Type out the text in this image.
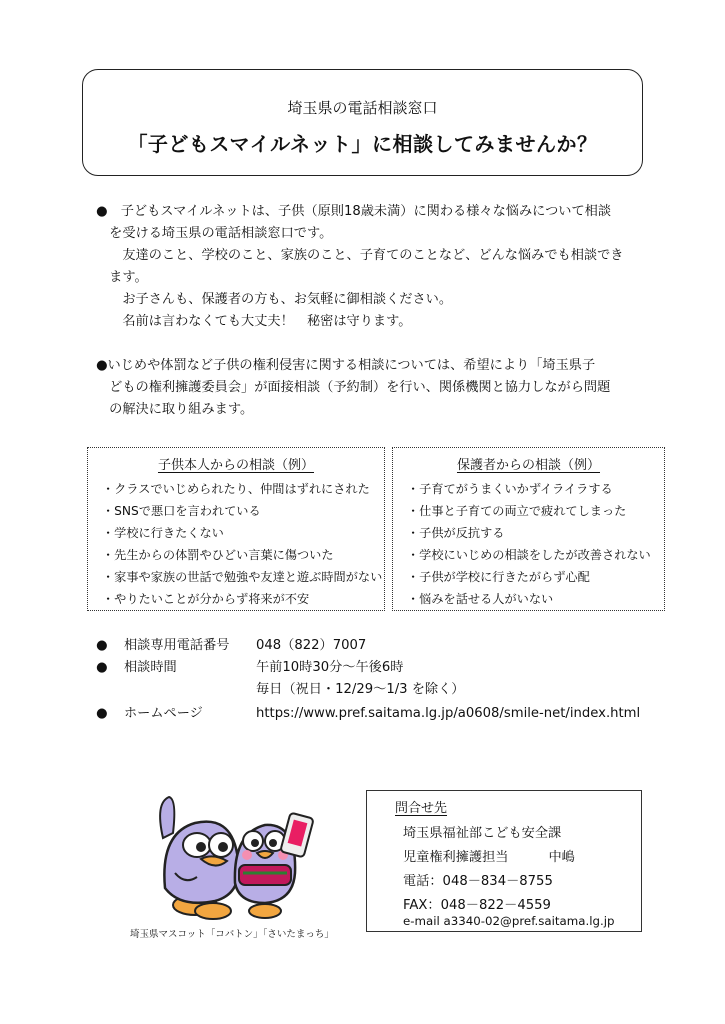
埼玉県の電話相談窓口
「子どもスマイルネット」に相談してみませんか？
●　子どもスマイルネットは、子供（原則18歳未満）に関わる様々な悩みについて相談
　を受ける埼玉県の電話相談窓口です。
　　友達のこと、学校のこと、家族のこと、子育てのことなど、どんな悩みでも相談でき
　ます。
　　お子さんも、保護者の方も、お気軽に御相談ください。
　　名前は言わなくても大丈夫！　秘密は守ります。
●いじめや体罰など子供の権利侵害に関する相談については、希望により「埼玉県子
　どもの権利擁護委員会」が面接相談（予約制）を行い、関係機関と協力しながら問題
　の解決に取り組みます。
子供本人からの相談（例）
・クラスでいじめられたり、仲間はずれにされた
・SNSで悪口を言われている
・学校に行きたくない
・先生からの体罰やひどい言葉に傷ついた
・家事や家族の世話で勉強や友達と遊ぶ時間がない
・やりたいことが分からず将来が不安
保護者からの相談（例）
・子育てがうまくいかずイライラする
・仕事と子育ての両立で疲れてしまった
・子供が反抗する
・学校にいじめの相談をしたが改善されない
・子供が学校に行きたがらず心配
・悩みを話せる人がいない
● 相談専用電話番号 048（822）7007
● 相談時間	午前10時30分～午後6時
毎日（祝日・12/29～1/3 を除く）
● ホームページ	https://www.pref.saitama.lg.jp/a0608/smile-net/index.html
埼玉県マスコット「コバトン」「さいたまっち」
問合せ先
埼玉県福祉部こども安全課
児童権利擁護担当	中嶋
電話：048－834－8755
FAX：048－822－4559
e-mail a3340-02@pref.saitama.lg.jp
